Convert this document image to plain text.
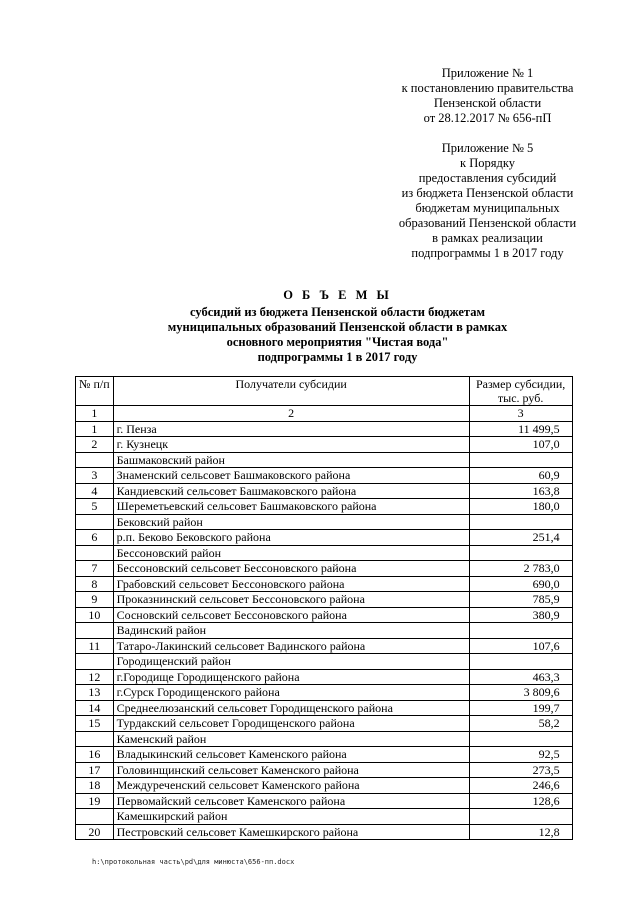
Приложение № 1
к постановлению правительства
Пензенской области
от 28.12.2017 № 656-пП
Приложение № 5
к Порядку
предоставления субсидий
из бюджета Пензенской области
бюджетам муниципальных
образований Пензенской области
в рамках реализации
подпрограммы 1 в 2017 году
О Б Ъ Е М Ы
субсидий из бюджета Пензенской области бюджетам
муниципальных образований Пензенской области в рамках
основного мероприятия "Чистая вода"
подпрограммы 1 в 2017 году
№ п/п	Получатели субсидии	Размер субсидии, тыс. руб.
1	2	3
1	г. Пенза	11 499,5
2	г. Кузнецк	107,0
	Башмаковский район	
3	Знаменский сельсовет Башмаковского района	60,9
4	Кандиевский сельсовет Башмаковского района	163,8
5	Шереметьевский сельсовет Башмаковского района	180,0
	Бековский район	
6	р.п. Беково Бековского района	251,4
	Бессоновский район	
7	Бессоновский сельсовет Бессоновского района	2 783,0
8	Грабовский сельсовет Бессоновского района	690,0
9	Проказнинский сельсовет Бессоновского района	785,9
10	Сосновский сельсовет Бессоновского района	380,9
	Вадинский район	
11	Татаро-Лакинский сельсовет Вадинского района	107,6
	Городищенский район	
12	г.Городище Городищенского района	463,3
13	г.Сурск Городищенского района	3 809,6
14	Среднеелюзанский сельсовет Городищенского района	199,7
15	Турдакский сельсовет Городищенского района	58,2
	Каменский район	
16	Владыкинский сельсовет Каменского района	92,5
17	Головинщинский сельсовет Каменского района	273,5
18	Междуреченский сельсовет Каменского района	246,6
19	Первомайский сельсовет Каменского района	128,6
	Камешкирский район	
20	Пестровский сельсовет Камешкирского района	12,8
h:\протокольная часть\pd\для минюста\656-пп.docx
